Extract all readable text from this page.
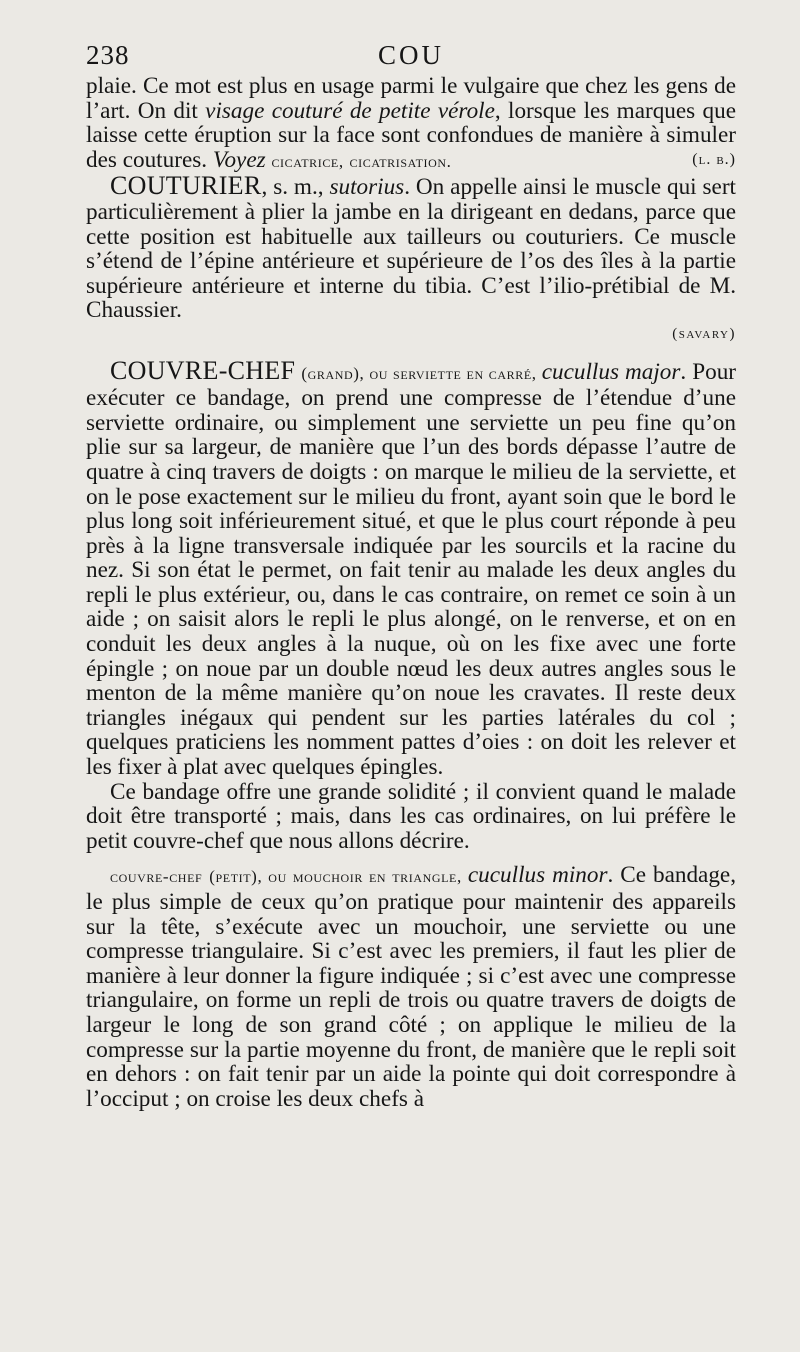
238	COU

plaie. Ce mot est plus en usage parmi le vulgaire que chez les gens de l’art. On dit visage couturé de petite vérole, lorsque les marques que laisse cette éruption sur la face sont confondues de manière à simuler des coutures. Voyez cicatrice, cicatrisation.	(l. b.)

COUTURIER, s. m., sutorius. On appelle ainsi le muscle qui sert particulièrement à plier la jambe en la dirigeant en dedans, parce que cette position est habituelle aux tailleurs ou couturiers. Ce muscle s’étend de l’épine antérieure et supérieure de l’os des îles à la partie supérieure antérieure et interne du tibia. C’est l’ilio-prétibial de M. Chaussier.

(savary)

COUVRE-CHEF (grand), ou serviette en carré, cucullus major. Pour exécuter ce bandage, on prend une compresse de l’étendue d’une serviette ordinaire, ou simplement une serviette un peu fine qu’on plie sur sa largeur, de manière que l’un des bords dépasse l’autre de quatre à cinq travers de doigts : on marque le milieu de la serviette, et on le pose exactement sur le milieu du front, ayant soin que le bord le plus long soit inférieurement situé, et que le plus court réponde à peu près à la ligne transversale indiquée par les sourcils et la racine du nez. Si son état le permet, on fait tenir au malade les deux angles du repli le plus extérieur, ou, dans le cas contraire, on remet ce soin à un aide ; on saisit alors le repli le plus alongé, on le renverse, et on en conduit les deux angles à la nuque, où on les fixe avec une forte épingle ; on noue par un double nœud les deux autres angles sous le menton de la même manière qu’on noue les cravates. Il reste deux triangles inégaux qui pendent sur les parties latérales du col ; quelques praticiens les nomment pattes d’oies : on doit les relever et les fixer à plat avec quelques épingles.

Ce bandage offre une grande solidité ; il convient quand le malade doit être transporté ; mais, dans les cas ordinaires, on lui préfère le petit couvre-chef que nous allons décrire.

couvre-chef (petit), ou mouchoir en triangle, cucullus minor. Ce bandage, le plus simple de ceux qu’on pratique pour maintenir des appareils sur la tête, s’exécute avec un mouchoir, une serviette ou une compresse triangulaire. Si c’est avec les premiers, il faut les plier de manière à leur donner la figure indiquée ; si c’est avec une compresse triangulaire, on forme un repli de trois ou quatre travers de doigts de largeur le long de son grand côté ; on applique le milieu de la compresse sur la partie moyenne du front, de manière que le repli soit en dehors : on fait tenir par un aide la pointe qui doit correspondre à l’occiput ; on croise les deux chefs à
